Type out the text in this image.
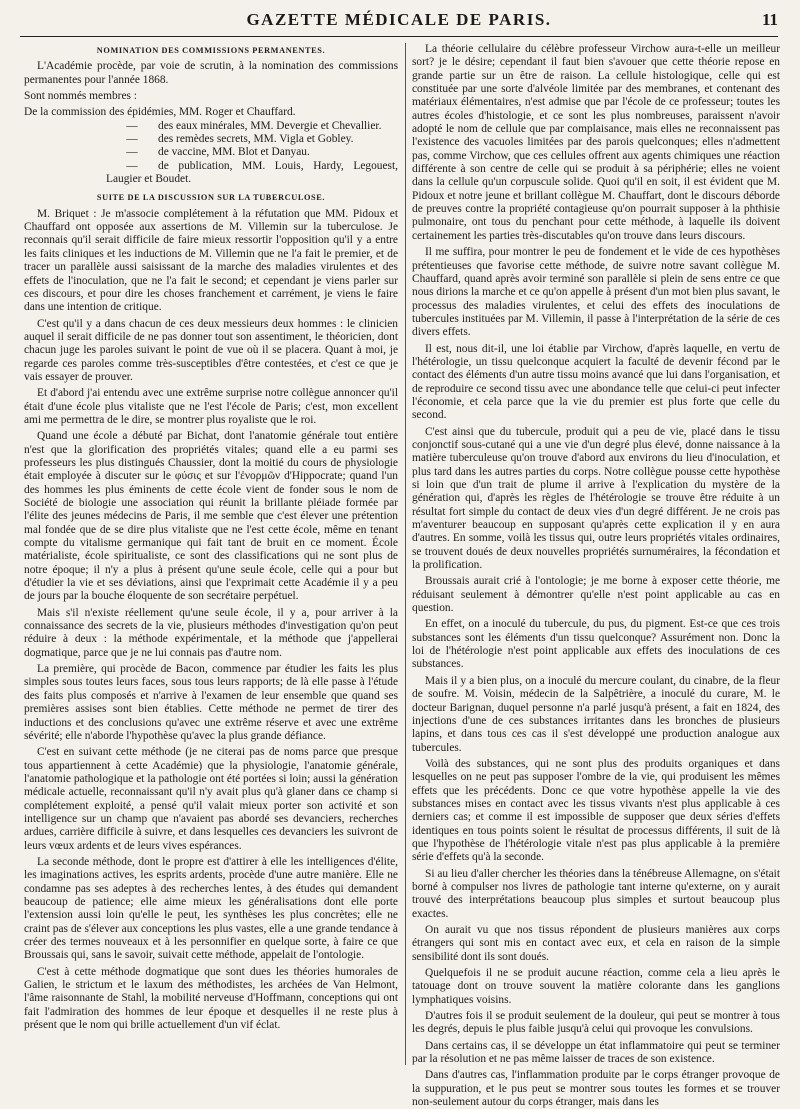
GAZETTE MÉDICALE DE PARIS.	11
NOMINATION DES COMMISSIONS PERMANENTES.

L'Académie procède, par voie de scrutin, à la nomination des commissions permanentes pour l'année 1868.

Sont nommés membres :

De la commission des épidémies, MM. Roger et Chauffard.

— des eaux minérales, MM. Devergie et Chevallier.

— des remèdes secrets, MM. Vigla et Gobley.

— de vaccine, MM. Blot et Danyau.

— de publication, MM. Louis, Hardy, Legouest, Laugier et Boudet.

SUITE DE LA DISCUSSION SUR LA TUBERCULOSE.

M. Briquet : Je m'associe complétement à la réfutation que MM. Pidoux et Chauffard ont opposée aux assertions de M. Villemin sur la tuberculose. Je reconnais qu'il serait difficile de faire mieux ressortir l'opposition qu'il y a entre les faits cliniques et les inductions de M. Villemin que ne l'a fait le premier, et de tracer un parallèle aussi saisissant de la marche des maladies virulentes et des effets de l'inoculation, que ne l'a fait le second; et cependant je viens parler sur ces discours, et pour dire les choses franchement et carrément, je viens le faire dans une intention de critique.

C'est qu'il y a dans chacun de ces deux messieurs deux hommes : le clinicien auquel il serait difficile de ne pas donner tout son assentiment, le théoricien, dont chacun juge les paroles suivant le point de vue où il se placera. Quant à moi, je regarde ces paroles comme très-susceptibles d'être contestées, et c'est ce que je vais essayer de prouver.

Et d'abord j'ai entendu avec une extrême surprise notre collègue annoncer qu'il était d'une école plus vitaliste que ne l'est l'école de Paris; c'est, mon excellent ami me permettra de le dire, se montrer plus royaliste que le roi.

Quand une école a débuté par Bichat, dont l'anatomie générale tout entière n'est que la glorification des propriétés vitales; quand elle a eu parmi ses professeurs les plus distingués Chaussier, dont la moitié du cours de physiologie était employée à discuter sur le φύσις et sur l'ἐνορμῶν d'Hippocrate; quand l'un des hommes les plus éminents de cette école vient de fonder sous le nom de Société de biologie une association qui réunit la brillante pléiade formée par l'élite des jeunes médecins de Paris, il me semble que c'est élever une prétention mal fondée que de se dire plus vitaliste que ne l'est cette école, même en tenant compte du vitalisme germanique qui fait tant de bruit en ce moment. École matérialiste, école spiritualiste, ce sont des classifications qui ne sont plus de notre époque; il n'y a plus à présent qu'une seule école, celle qui a pour but d'étudier la vie et ses déviations, ainsi que l'exprimait cette Académie il y a peu de jours par la bouche éloquente de son secrétaire perpétuel.

Mais s'il n'existe réellement qu'une seule école, il y a, pour arriver à la connaissance des secrets de la vie, plusieurs méthodes d'investigation qu'on peut réduire à deux : la méthode expérimentale, et la méthode que j'appellerai dogmatique, parce que je ne lui connais pas d'autre nom.

La première, qui procède de Bacon, commence par étudier les faits les plus simples sous toutes leurs faces, sous tous leurs rapports; de là elle passe à l'étude des faits plus composés et n'arrive à l'examen de leur ensemble que quand ses premières assises sont bien établies. Cette méthode ne permet de tirer des inductions et des conclusions qu'avec une extrême réserve et avec une extrême sévérité; elle n'aborde l'hypothèse qu'avec la plus grande défiance.

C'est en suivant cette méthode (je ne citerai pas de noms parce que presque tous appartiennent à cette Académie) que la physiologie, l'anatomie générale, l'anatomie pathologique et la pathologie ont été portées si loin; aussi la génération médicale actuelle, reconnaissant qu'il n'y avait plus qu'à glaner dans ce champ si complétement exploité, a pensé qu'il valait mieux porter son activité et son intelligence sur un champ que n'avaient pas abordé ses devanciers, recherches ardues, carrière difficile à suivre, et dans lesquelles ces devanciers les suivront de leurs vœux ardents et de leurs vives espérances.

La seconde méthode, dont le propre est d'attirer à elle les intelligences d'élite, les imaginations actives, les esprits ardents, procède d'une autre manière. Elle ne condamne pas ses adeptes à des recherches lentes, à des études qui demandent beaucoup de patience; elle aime mieux les généralisations dont elle porte l'extension aussi loin qu'elle le peut, les synthèses les plus concrètes; elle ne craint pas de s'élever aux conceptions les plus vastes, elle a une grande tendance à créer des termes nouveaux et à les personnifier en quelque sorte, à faire ce que Broussais qui, sans le savoir, suivait cette méthode, appelait de l'ontologie.

C'est à cette méthode dogmatique que sont dues les théories humorales de Galien, le strictum et le laxum des méthodistes, les archées de Van Helmont, l'âme raisonnante de Stahl, la mobilité nerveuse d'Hoffmann, conceptions qui ont fait l'admiration des hommes de leur époque et desquelles il ne reste plus à présent que le nom qui brille actuellement d'un vif éclat.

La théorie cellulaire du célèbre professeur Virchow aura-t-elle un meilleur sort? je le désire; cependant il faut bien s'avouer que cette théorie repose en grande partie sur un être de raison. La cellule histologique, celle qui est constituée par une sorte d'alvéole limitée par des membranes, et contenant des matériaux élémentaires, n'est admise que par l'école de ce professeur; toutes les autres écoles d'histologie, et ce sont les plus nombreuses, paraissent n'avoir adopté le nom de cellule que par complaisance, mais elles ne reconnaissent pas l'existence des vacuoles limitées par des parois quelconques; elles n'admettent pas, comme Virchow, que ces cellules offrent aux agents chimiques une réaction différente à son centre de celle qui se produit à sa périphérie; elles ne voient dans la cellule qu'un corpuscule solide. Quoi qu'il en soit, il est évident que M. Pidoux et notre jeune et brillant collègue M. Chauffart, dont le discours déborde de preuves contre la propriété contagieuse qu'on pourrait supposer à la phthisie pulmonaire, ont tous du penchant pour cette méthode, à laquelle ils doivent certainement les parties très-discutables qu'on trouve dans leurs discours.

Il me suffira, pour montrer le peu de fondement et le vide de ces hypothèses prétentieuses que favorise cette méthode, de suivre notre savant collègue M. Chauffard, quand après avoir terminé son parallèle si plein de sens entre ce que nous dirions la marche et ce qu'on appelle à présent d'un mot bien plus savant, le processus des maladies virulentes, et celui des effets des inoculations de tubercules instituées par M. Villemin, il passe à l'interprétation de la série de ces divers effets.

Il est, nous dit-il, une loi établie par Virchow, d'après laquelle, en vertu de l'hétérologie, un tissu quelconque acquiert la faculté de devenir fécond par le contact des éléments d'un autre tissu moins avancé que lui dans l'organisation, et de reproduire ce second tissu avec une abondance telle que celui-ci peut infecter l'économie, et cela parce que la vie du premier est plus forte que celle du second.

C'est ainsi que du tubercule, produit qui a peu de vie, placé dans le tissu conjonctif sous-cutané qui a une vie d'un degré plus élevé, donne naissance à la matière tuberculeuse qu'on trouve d'abord aux environs du lieu d'inoculation, et plus tard dans les autres parties du corps. Notre collègue pousse cette hypothèse si loin que d'un trait de plume il arrive à l'explication du mystère de la génération qui, d'après les règles de l'hétérologie se trouve être réduite à un résultat fort simple du contact de deux vies d'un degré différent. Je ne crois pas m'aventurer beaucoup en supposant qu'après cette explication il y en aura d'autres. En somme, voilà les tissus qui, outre leurs propriétés vitales ordinaires, se trouvent doués de deux nouvelles propriétés surnuméraires, la fécondation et la prolification.

Broussais aurait crié à l'ontologie; je me borne à exposer cette théorie, me réduisant seulement à démontrer qu'elle n'est point applicable au cas en question.

En effet, on a inoculé du tubercule, du pus, du pigment. Est-ce que ces trois substances sont les éléments d'un tissu quelconque? Assurément non. Donc la loi de l'hétérologie n'est point applicable aux effets des inoculations de ces substances.

Mais il y a bien plus, on a inoculé du mercure coulant, du cinabre, de la fleur de soufre. M. Voisin, médecin de la Salpêtrière, a inoculé du curare, M. le docteur Barignan, duquel personne n'a parlé jusqu'à présent, a fait en 1824, des injections d'une de ces substances irritantes dans les bronches de plusieurs lapins, et dans tous ces cas il s'est développé une production analogue aux tubercules.

Voilà des substances, qui ne sont plus des produits organiques et dans lesquelles on ne peut pas supposer l'ombre de la vie, qui produisent les mêmes effets que les précédents. Donc ce que votre hypothèse appelle la vie des substances mises en contact avec les tissus vivants n'est plus applicable à ces derniers cas; et comme il est impossible de supposer que deux séries d'effets identiques en tous points soient le résultat de processus différents, il suit de là que l'hypothèse de l'hétérologie vitale n'est pas plus applicable à la première série d'effets qu'à la seconde.

Si au lieu d'aller chercher les théories dans la ténébreuse Allemagne, on s'était borné à compulser nos livres de pathologie tant interne qu'externe, on y aurait trouvé des interprétations beaucoup plus simples et surtout beaucoup plus exactes.

On aurait vu que nos tissus répondent de plusieurs manières aux corps étrangers qui sont mis en contact avec eux, et cela en raison de la simple sensibilité dont ils sont doués.

Quelquefois il ne se produit aucune réaction, comme cela a lieu après le tatouage dont on trouve souvent la matière colorante dans les ganglions lymphatiques voisins.

D'autres fois il se produit seulement de la douleur, qui peut se montrer à tous les degrés, depuis le plus faible jusqu'à celui qui provoque les convulsions.

Dans certains cas, il se développe un état inflammatoire qui peut se terminer par la résolution et ne pas même laisser de traces de son existence.

Dans d'autres cas, l'inflammation produite par le corps étranger provoque de la suppuration, et le pus peut se montrer sous toutes les formes et se trouver non-seulement autour du corps étranger, mais dans les
